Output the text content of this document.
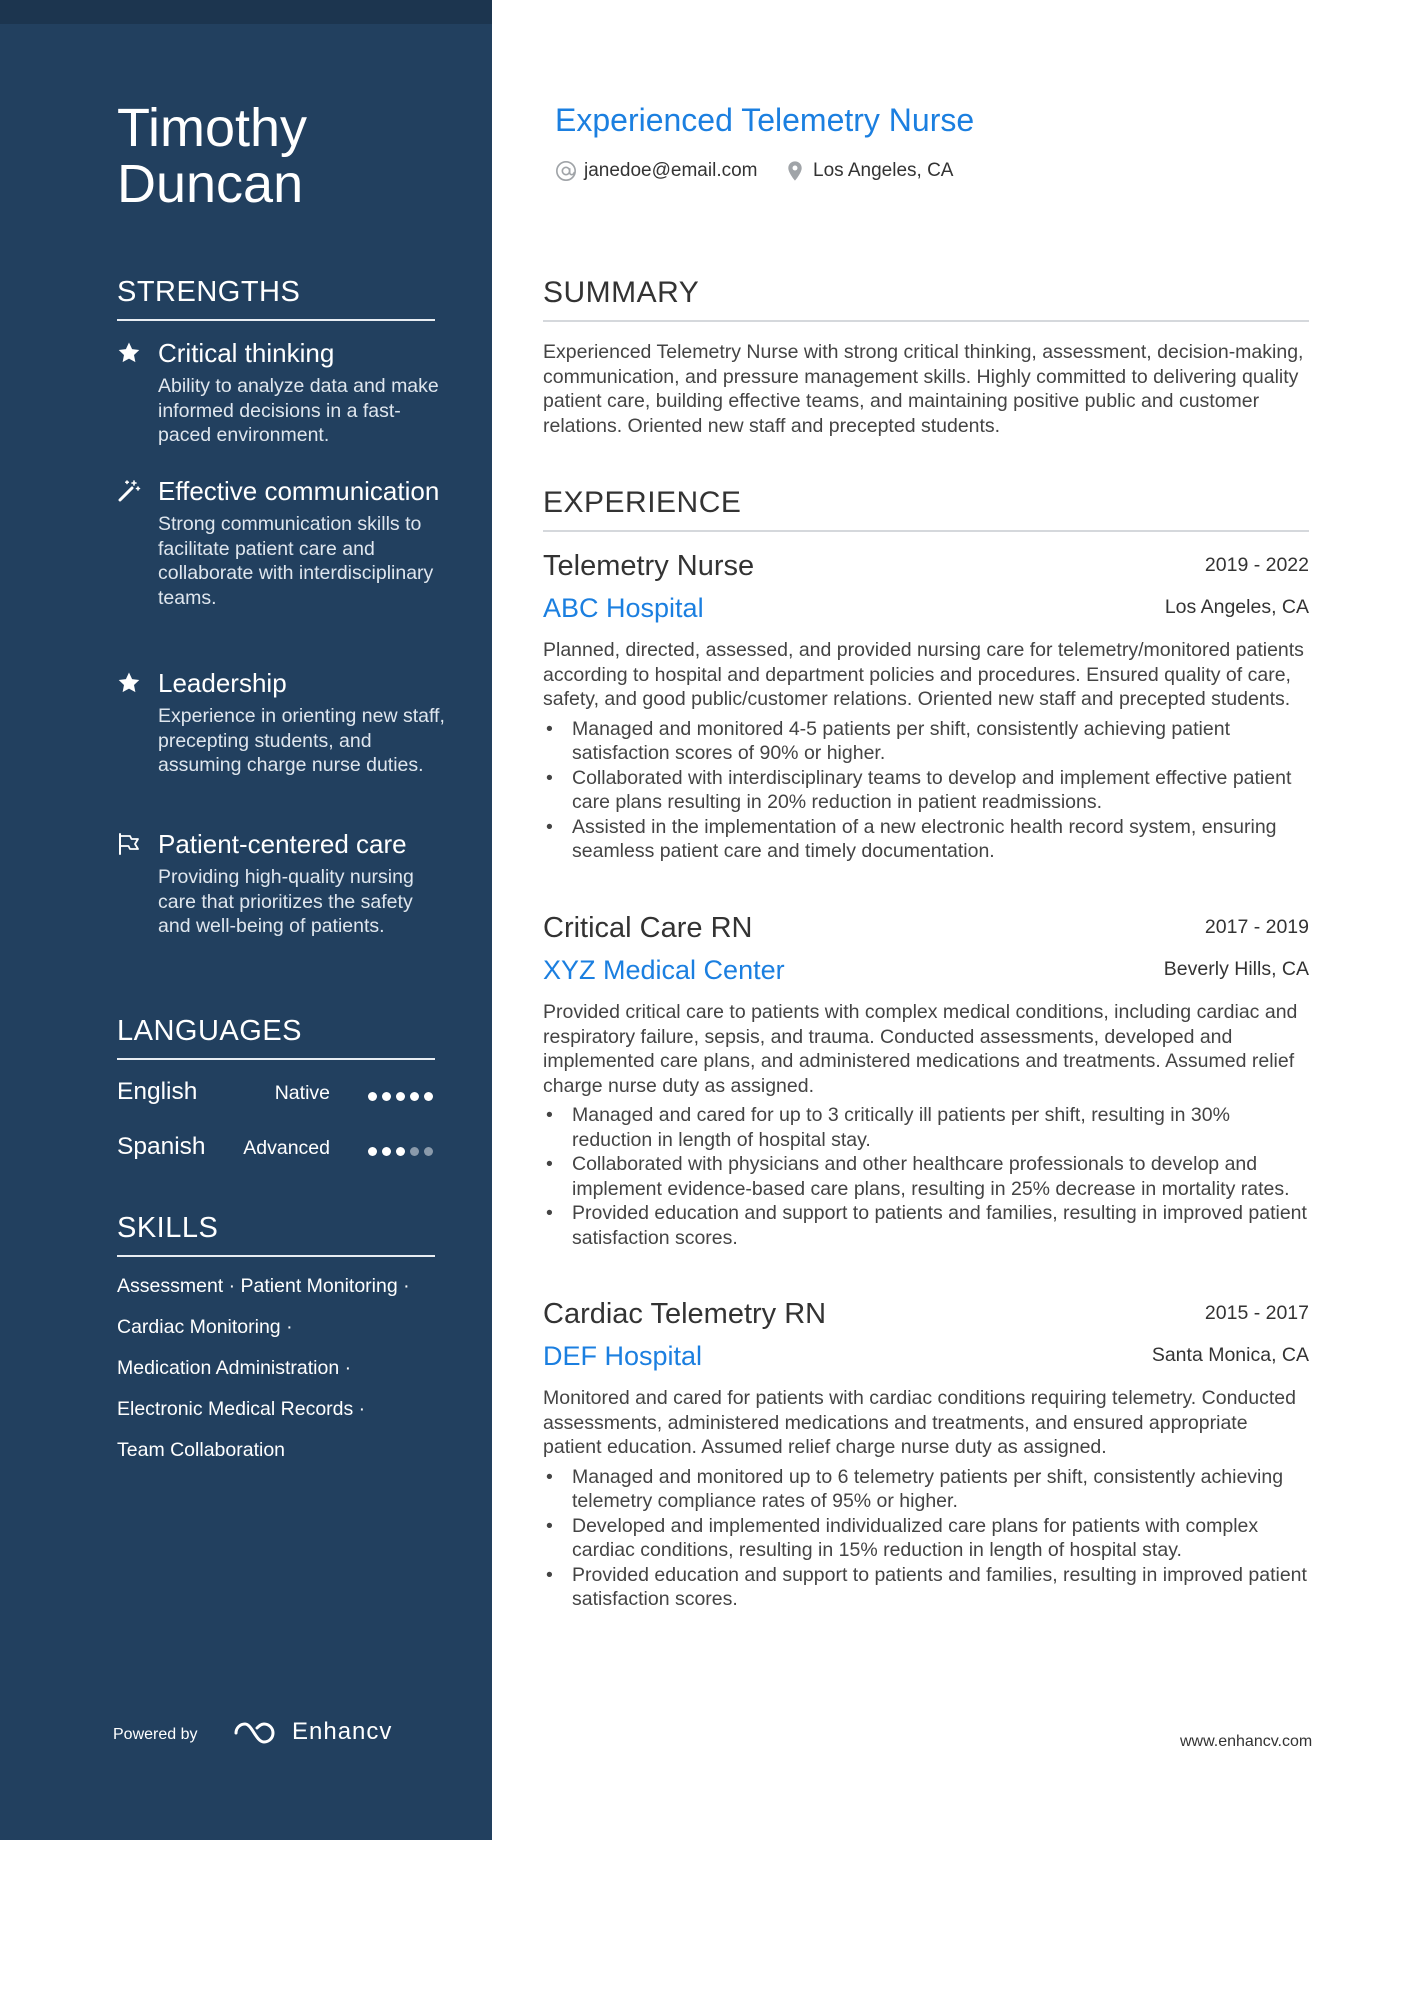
Timothy
Duncan
STRENGTHS
Critical thinking
Ability to analyze data and make informed decisions in a fast-paced environment.
Effective communication
Strong communication skills to facilitate patient care and collaborate with interdisciplinary teams.
Leadership
Experience in orienting new staff, precepting students, and assuming charge nurse duties.
Patient-centered care
Providing high-quality nursing care that prioritizes the safety and well-being of patients.
LANGUAGES
English	Native
Spanish Advanced
SKILLS
Assessment · Patient Monitoring ·
Cardiac Monitoring ·
Medication Administration ·
Electronic Medical Records ·
Team Collaboration
Powered by	Enhancv
Experienced Telemetry Nurse
janedoe@email.com	Los Angeles, CA
SUMMARY
Experienced Telemetry Nurse with strong critical thinking, assessment, decision-making, communication, and pressure management skills. Highly committed to delivering quality patient care, building effective teams, and maintaining positive public and customer relations. Oriented new staff and precepted students.
EXPERIENCE
Telemetry Nurse	2019 - 2022
ABC Hospital	Los Angeles, CA
Planned, directed, assessed, and provided nursing care for telemetry/monitored patients according to hospital and department policies and procedures. Ensured quality of care, safety, and good public/customer relations. Oriented new staff and precepted students.
• Managed and monitored 4-5 patients per shift, consistently achieving patient satisfaction scores of 90% or higher.
• Collaborated with interdisciplinary teams to develop and implement effective patient care plans resulting in 20% reduction in patient readmissions.
• Assisted in the implementation of a new electronic health record system, ensuring seamless patient care and timely documentation.
Critical Care RN	2017 - 2019
XYZ Medical Center	Beverly Hills, CA
Provided critical care to patients with complex medical conditions, including cardiac and respiratory failure, sepsis, and trauma. Conducted assessments, developed and implemented care plans, and administered medications and treatments. Assumed relief charge nurse duty as assigned.
• Managed and cared for up to 3 critically ill patients per shift, resulting in 30% reduction in length of hospital stay.
• Collaborated with physicians and other healthcare professionals to develop and implement evidence-based care plans, resulting in 25% decrease in mortality rates.
• Provided education and support to patients and families, resulting in improved patient satisfaction scores.
Cardiac Telemetry RN	2015 - 2017
DEF Hospital	Santa Monica, CA
Monitored and cared for patients with cardiac conditions requiring telemetry. Conducted assessments, administered medications and treatments, and ensured appropriate patient education. Assumed relief charge nurse duty as assigned.
• Managed and monitored up to 6 telemetry patients per shift, consistently achieving telemetry compliance rates of 95% or higher.
• Developed and implemented individualized care plans for patients with complex cardiac conditions, resulting in 15% reduction in length of hospital stay.
• Provided education and support to patients and families, resulting in improved patient satisfaction scores.
www.enhancv.com
